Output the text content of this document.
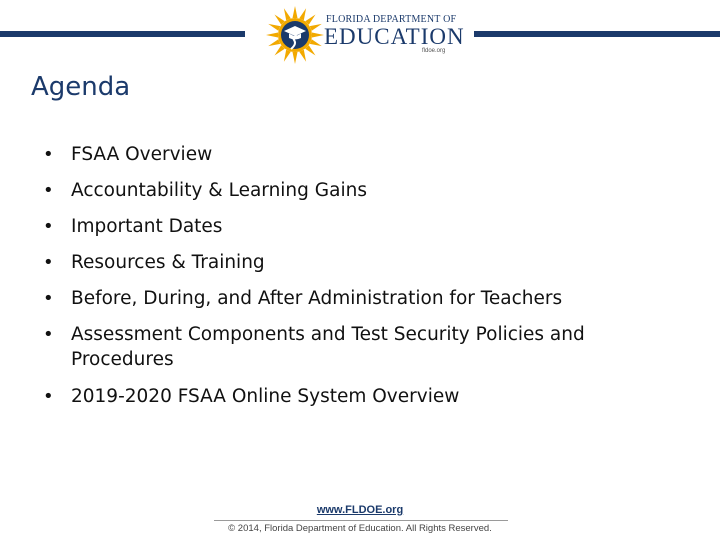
FLORIDA DEPARTMENT OF
EDUCATION
fldoe.org
Agenda
• FSAA Overview
• Accountability & Learning Gains
• Important Dates
• Resources & Training
• Before, During, and After Administration for Teachers
• Assessment Components and Test Security Policies and Procedures
• 2019-2020 FSAA Online System Overview
www.FLDOE.org
© 2014, Florida Department of Education. All Rights Reserved.
